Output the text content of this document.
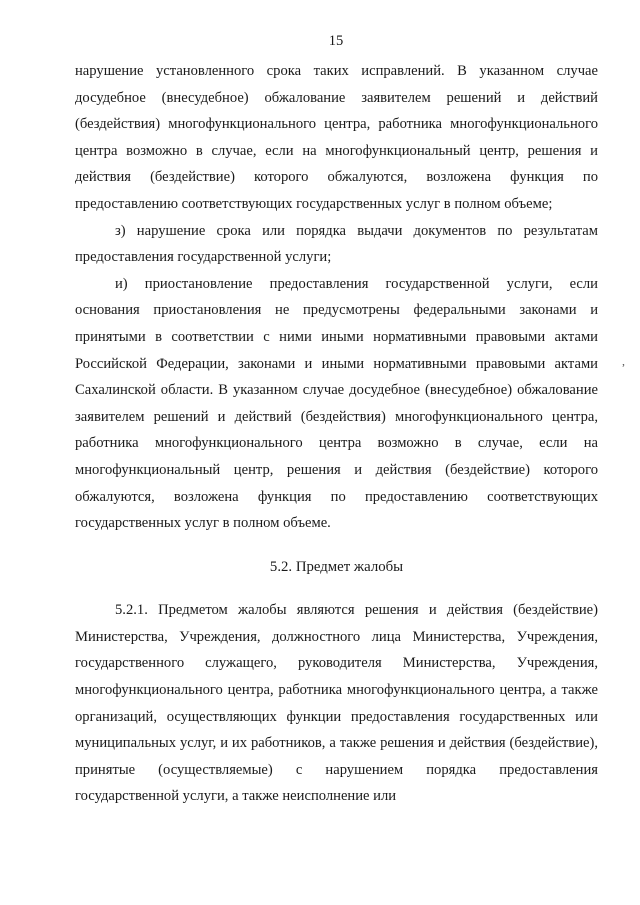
15

нарушение установленного срока таких исправлений. В указанном случае досудебное (внесудебное) обжалование заявителем решений и действий (бездействия) многофункционального центра, работника многофункционального центра возможно в случае, если на многофункциональный центр, решения и действия (бездействие) которого обжалуются, возложена функция по предоставлению соответствующих государственных услуг в полном объеме;

з) нарушение срока или порядка выдачи документов по результатам предоставления государственной услуги;

и) приостановление предоставления государственной услуги, если основания приостановления не предусмотрены федеральными законами и принятыми в соответствии с ними иными нормативными правовыми актами Российской Федерации, законами и иными нормативными правовыми актами Сахалинской области. В указанном случае досудебное (внесудебное) обжалование заявителем решений и действий (бездействия) многофункционального центра, работника многофункционального центра возможно в случае, если на многофункциональный центр, решения и действия (бездействие) которого обжалуются, возложена функция по предоставлению соответствующих государственных услуг в полном объеме.

5.2. Предмет жалобы

5.2.1. Предметом жалобы являются решения и действия (бездействие) Министерства, Учреждения, должностного лица Министерства, Учреждения, государственного служащего, руководителя Министерства, Учреждения, многофункционального центра, работника многофункционального центра, а также организаций, осуществляющих функции предоставления государственных или муниципальных услуг, и их работников, а также решения и действия (бездействие), принятые (осуществляемые) с нарушением порядка предоставления государственной услуги, а также неисполнение или

,
